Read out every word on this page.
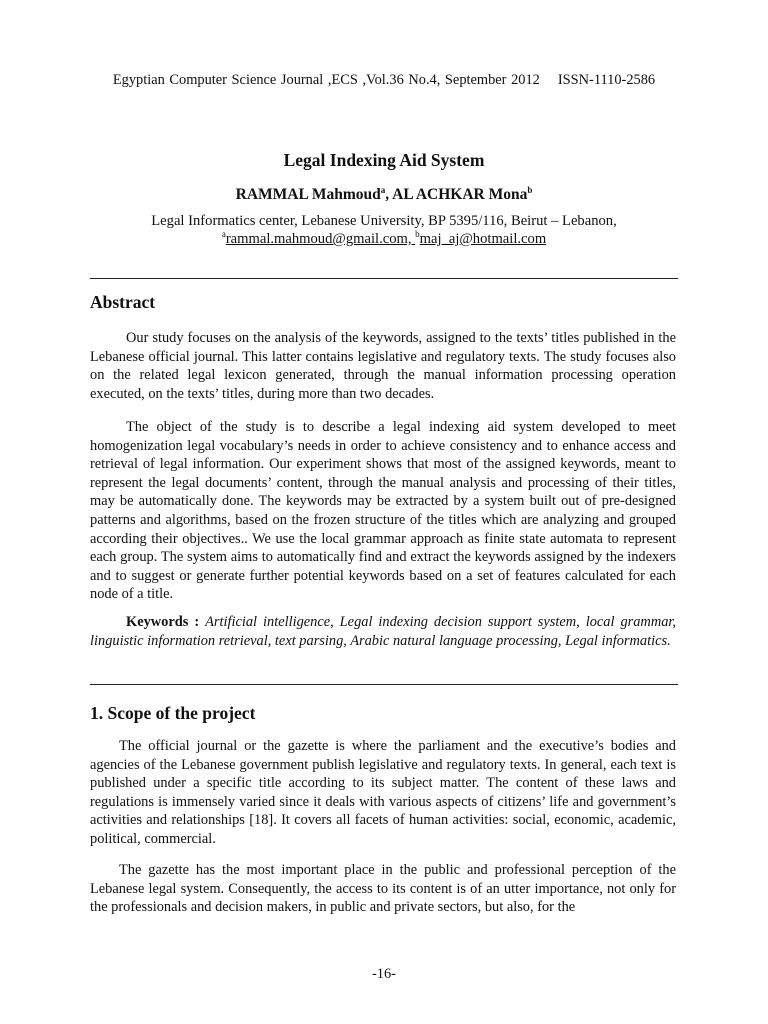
Egyptian Computer Science Journal ,ECS ,Vol.36 No.4, September 2012 ISSN-1110-2586
Legal Indexing Aid System
RAMMAL Mahmoud$^a$, AL ACHKAR Mona$^b$
Legal Informatics center, Lebanese University, BP 5395/116, Beirut – Lebanon,
$^a$rammal.mahmoud@gmail.com, $^b$maj_aj@hotmail.com
Abstract
Our study focuses on the analysis of the keywords, assigned to the texts’ titles published in the Lebanese official journal. This latter contains legislative and regulatory texts. The study focuses also on the related legal lexicon generated, through the manual information processing operation executed, on the texts’ titles, during more than two decades.
The object of the study is to describe a legal indexing aid system developed to meet homogenization legal vocabulary’s needs in order to achieve consistency and to enhance access and retrieval of legal information. Our experiment shows that most of the assigned keywords, meant to represent the legal documents’ content, through the manual analysis and processing of their titles, may be automatically done. The keywords may be extracted by a system built out of pre-designed patterns and algorithms, based on the frozen structure of the titles which are analyzing and grouped according their objectives.. We use the local grammar approach as finite state automata to represent each group. The system aims to automatically find and extract the keywords assigned by the indexers and to suggest or generate further potential keywords based on a set of features calculated for each node of a title.
Keywords : Artificial intelligence, Legal indexing decision support system, local grammar, linguistic information retrieval, text parsing, Arabic natural language processing, Legal informatics.
1. Scope of the project
The official journal or the gazette is where the parliament and the executive’s bodies and agencies of the Lebanese government publish legislative and regulatory texts. In general, each text is published under a specific title according to its subject matter. The content of these laws and regulations is immensely varied since it deals with various aspects of citizens’ life and government’s activities and relationships [18]. It covers all facets of human activities: social, economic, academic, political, commercial.
The gazette has the most important place in the public and professional perception of the Lebanese legal system. Consequently, the access to its content is of an utter importance, not only for the professionals and decision makers, in public and private sectors, but also, for the
-16-
